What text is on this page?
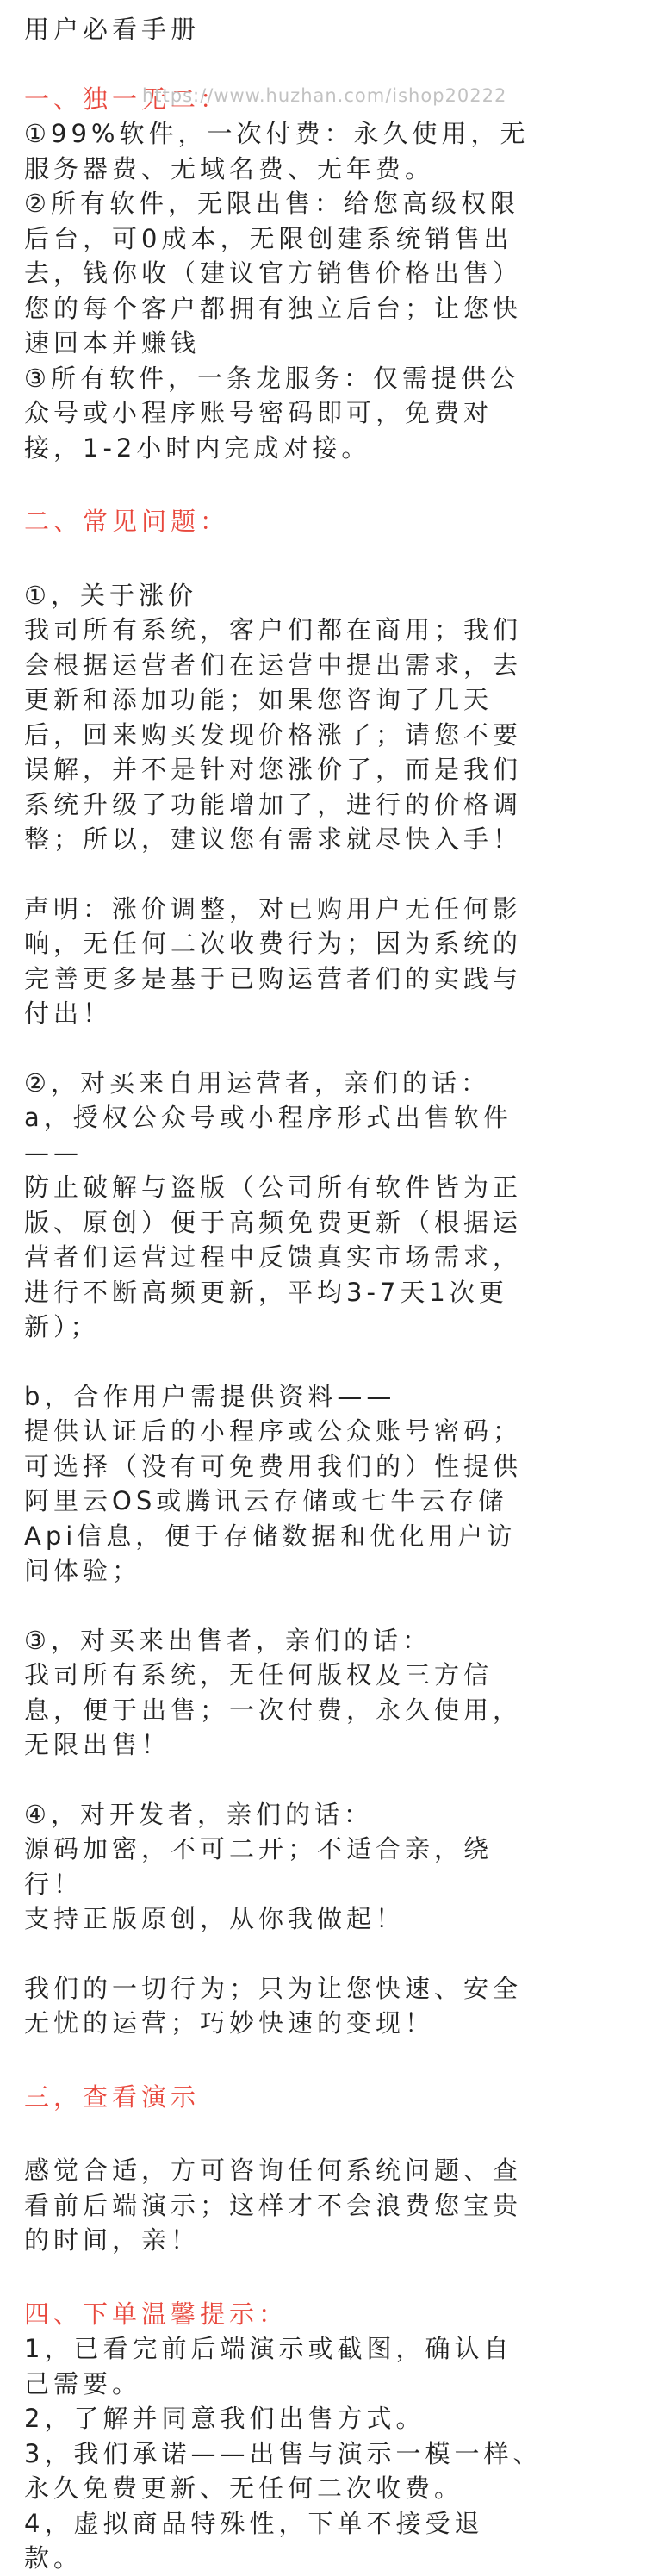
用户必看手册
一、独一无二：
①99%软件，一次付费：永久使用，无
服务器费、无域名费、无年费。
②所有软件，无限出售：给您高级权限
后台，可0成本，无限创建系统销售出
去，钱你收（建议官方销售价格出售）
您的每个客户都拥有独立后台；让您快
速回本并赚钱
③所有软件，一条龙服务：仅需提供公
众号或小程序账号密码即可，免费对
接，1-2小时内完成对接。
二、常见问题：
①，关于涨价
我司所有系统，客户们都在商用；我们
会根据运营者们在运营中提出需求，去
更新和添加功能；如果您咨询了几天
后，回来购买发现价格涨了；请您不要
误解，并不是针对您涨价了，而是我们
系统升级了功能增加了，进行的价格调
整；所以，建议您有需求就尽快入手！
声明：涨价调整，对已购用户无任何影
响，无任何二次收费行为；因为系统的
完善更多是基于已购运营者们的实践与
付出！
②，对买来自用运营者，亲们的话：
a，授权公众号或小程序形式出售软件
——
防止破解与盗版（公司所有软件皆为正
版、原创）便于高频免费更新（根据运
营者们运营过程中反馈真实市场需求，
进行不断高频更新，平均3-7天1次更
新）；
b，合作用户需提供资料——
提供认证后的小程序或公众账号密码；
可选择（没有可免费用我们的）性提供
阿里云OS或腾讯云存储或七牛云存储
Api信息，便于存储数据和优化用户访
问体验；
③，对买来出售者，亲们的话：
我司所有系统，无任何版权及三方信
息，便于出售；一次付费，永久使用，
无限出售！
④，对开发者，亲们的话：
源码加密，不可二开；不适合亲，绕
行！
支持正版原创，从你我做起！
我们的一切行为；只为让您快速、安全
无忧的运营；巧妙快速的变现！
三，查看演示
感觉合适，方可咨询任何系统问题、查
看前后端演示；这样才不会浪费您宝贵
的时间，亲！
四、下单温馨提示：
1，已看完前后端演示或截图，确认自
己需要。
2，了解并同意我们出售方式。
3，我们承诺——出售与演示一模一样、
永久免费更新、无任何二次收费。
4，虚拟商品特殊性，下单不接受退
款。
https://www.huzhan.com/ishop20222
